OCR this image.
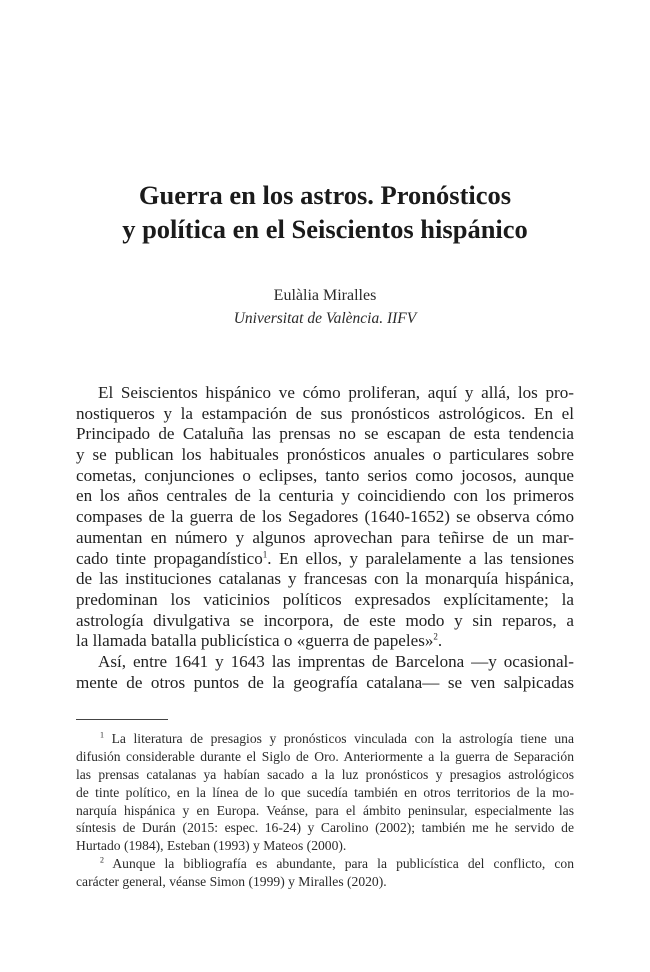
Guerra en los astros. Pronósticos
y política en el Seiscientos hispánico
Eulàlia Miralles
Universitat de València. IIFV
El Seiscientos hispánico ve cómo proliferan, aquí y allá, los pro-
nostiqueros y la estampación de sus pronósticos astrológicos. En el
Principado de Cataluña las prensas no se escapan de esta tendencia
y se publican los habituales pronósticos anuales o particulares sobre
cometas, conjunciones o eclipses, tanto serios como jocosos, aunque
en los años centrales de la centuria y coincidiendo con los primeros
compases de la guerra de los Segadores (1640-1652) se observa cómo
aumentan en número y algunos aprovechan para teñirse de un mar-
cado tinte propagandístico$^1$. En ellos, y paralelamente a las tensiones
de las instituciones catalanas y francesas con la monarquía hispánica,
predominan los vaticinios políticos expresados explícitamente; la
astrología divulgativa se incorpora, de este modo y sin reparos, a
la llamada batalla publicística o «guerra de papeles»$^2$.
Así, entre 1641 y 1643 las imprentas de Barcelona —y ocasional-
mente de otros puntos de la geografía catalana— se ven salpicadas
$^1$ La literatura de presagios y pronósticos vinculada con la astrología tiene una
difusión considerable durante el Siglo de Oro. Anteriormente a la guerra de Separación
las prensas catalanas ya habían sacado a la luz pronósticos y presagios astrológicos
de tinte político, en la línea de lo que sucedía también en otros territorios de la mo-
narquía hispánica y en Europa. Veánse, para el ámbito peninsular, especialmente las
síntesis de Durán (2015: espec. 16-24) y Carolino (2002); también me he servido de
Hurtado (1984), Esteban (1993) y Mateos (2000).
$^2$ Aunque la bibliografía es abundante, para la publicística del conflicto, con
carácter general, véanse Simon (1999) y Miralles (2020).
